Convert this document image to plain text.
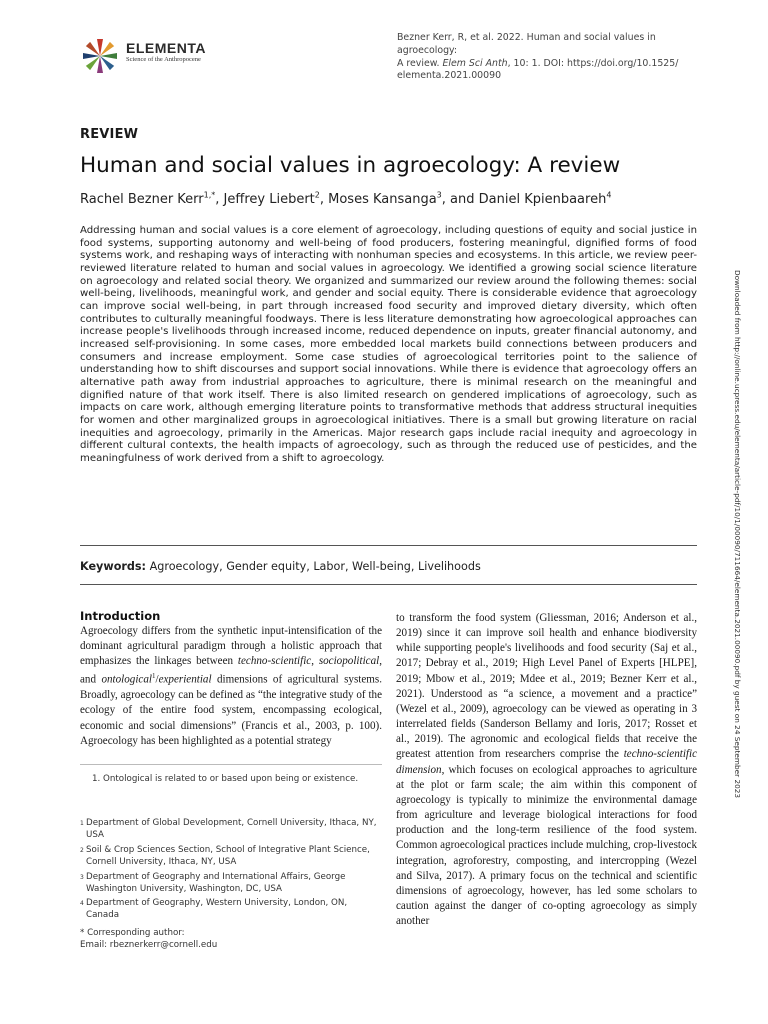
ELEMENTA
Science of the Anthropocene
Bezner Kerr, R, et al. 2022. Human and social values in agroecology:
A review. Elem Sci Anth, 10: 1. DOI: https://doi.org/10.1525/
elementa.2021.00090
REVIEW
Human and social values in agroecology: A review
Rachel Bezner Kerr$^{1,*}$, Jeffrey Liebert$^2$, Moses Kansanga$^3$, and Daniel Kpienbaareh$^4$
Addressing human and social values is a core element of agroecology, including questions of equity and social justice in food systems, supporting autonomy and well-being of food producers, fostering meaningful, dignified forms of food systems work, and reshaping ways of interacting with nonhuman species and ecosystems. In this article, we review peer-reviewed literature related to human and social values in agroecology. We identified a growing social science literature on agroecology and related social theory. We organized and summarized our review around the following themes: social well-being, livelihoods, meaningful work, and gender and social equity. There is considerable evidence that agroecology can improve social well-being, in part through increased food security and improved dietary diversity, which often contributes to culturally meaningful foodways. There is less literature demonstrating how agroecological approaches can increase people's livelihoods through increased income, reduced dependence on inputs, greater financial autonomy, and increased self-provisioning. In some cases, more embedded local markets build connections between producers and consumers and increase employment. Some case studies of agroecological territories point to the salience of understanding how to shift discourses and support social innovations. While there is evidence that agroecology offers an alternative path away from industrial approaches to agriculture, there is minimal research on the meaningful and dignified nature of that work itself. There is also limited research on gendered implications of agroecology, such as impacts on care work, although emerging literature points to transformative methods that address structural inequities for women and other marginalized groups in agroecological initiatives. There is a small but growing literature on racial inequities and agroecology, primarily in the Americas. Major research gaps include racial inequity and agroecology in different cultural contexts, the health impacts of agroecology, such as through the reduced use of pesticides, and the meaningfulness of work derived from a shift to agroecology.
Keywords: Agroecology, Gender equity, Labor, Well-being, Livelihoods
Introduction

Agroecology differs from the synthetic input-intensification of the dominant agricultural paradigm through a holistic approach that emphasizes the linkages between techno-scientific, sociopolitical, and ontological$^1$/experiential dimensions of agricultural systems. Broadly, agroecology can be defined as “the integrative study of the ecology of the entire food system, encompassing ecological, economic and social dimensions” (Francis et al., 2003, p. 100). Agroecology has been highlighted as a potential strategy

1. Ontological is related to or based upon being or existence.
1 Department of Global Development, Cornell University, Ithaca, NY, USA
2 Soil & Crop Sciences Section, School of Integrative Plant Science, Cornell University, Ithaca, NY, USA
3 Department of Geography and International Affairs, George Washington University, Washington, DC, USA
4 Department of Geography, Western University, London, ON, Canada
* Corresponding author:
Email: rbeznerkerr@cornell.edu

to transform the food system (Gliessman, 2016; Anderson et al., 2019) since it can improve soil health and enhance biodiversity while supporting people's livelihoods and food security (Saj et al., 2017; Debray et al., 2019; High Level Panel of Experts [HLPE], 2019; Mbow et al., 2019; Mdee et al., 2019; Bezner Kerr et al., 2021). Understood as “a science, a movement and a practice” (Wezel et al., 2009), agroecology can be viewed as operating in 3 interrelated fields (Sanderson Bellamy and Ioris, 2017; Rosset et al., 2019). The agronomic and ecological fields that receive the greatest attention from researchers comprise the techno-scientific dimension, which focuses on ecological approaches to agriculture at the plot or farm scale; the aim within this component of agroecology is typically to minimize the environmental damage from agriculture and leverage biological interactions for food production and the long-term resilience of the food system. Common agroecological practices include mulching, crop-livestock integration, agroforestry, composting, and intercropping (Wezel and Silva, 2017). A primary focus on the technical and scientific dimensions of agroecology, however, has led some scholars to caution against the danger of co-opting agroecology as simply another

Downloaded from http://online.ucpress.edu/elementa/article-pdf/10/1/00090/711664/elementa.2021.00090.pdf by guest on 24 September 2023
